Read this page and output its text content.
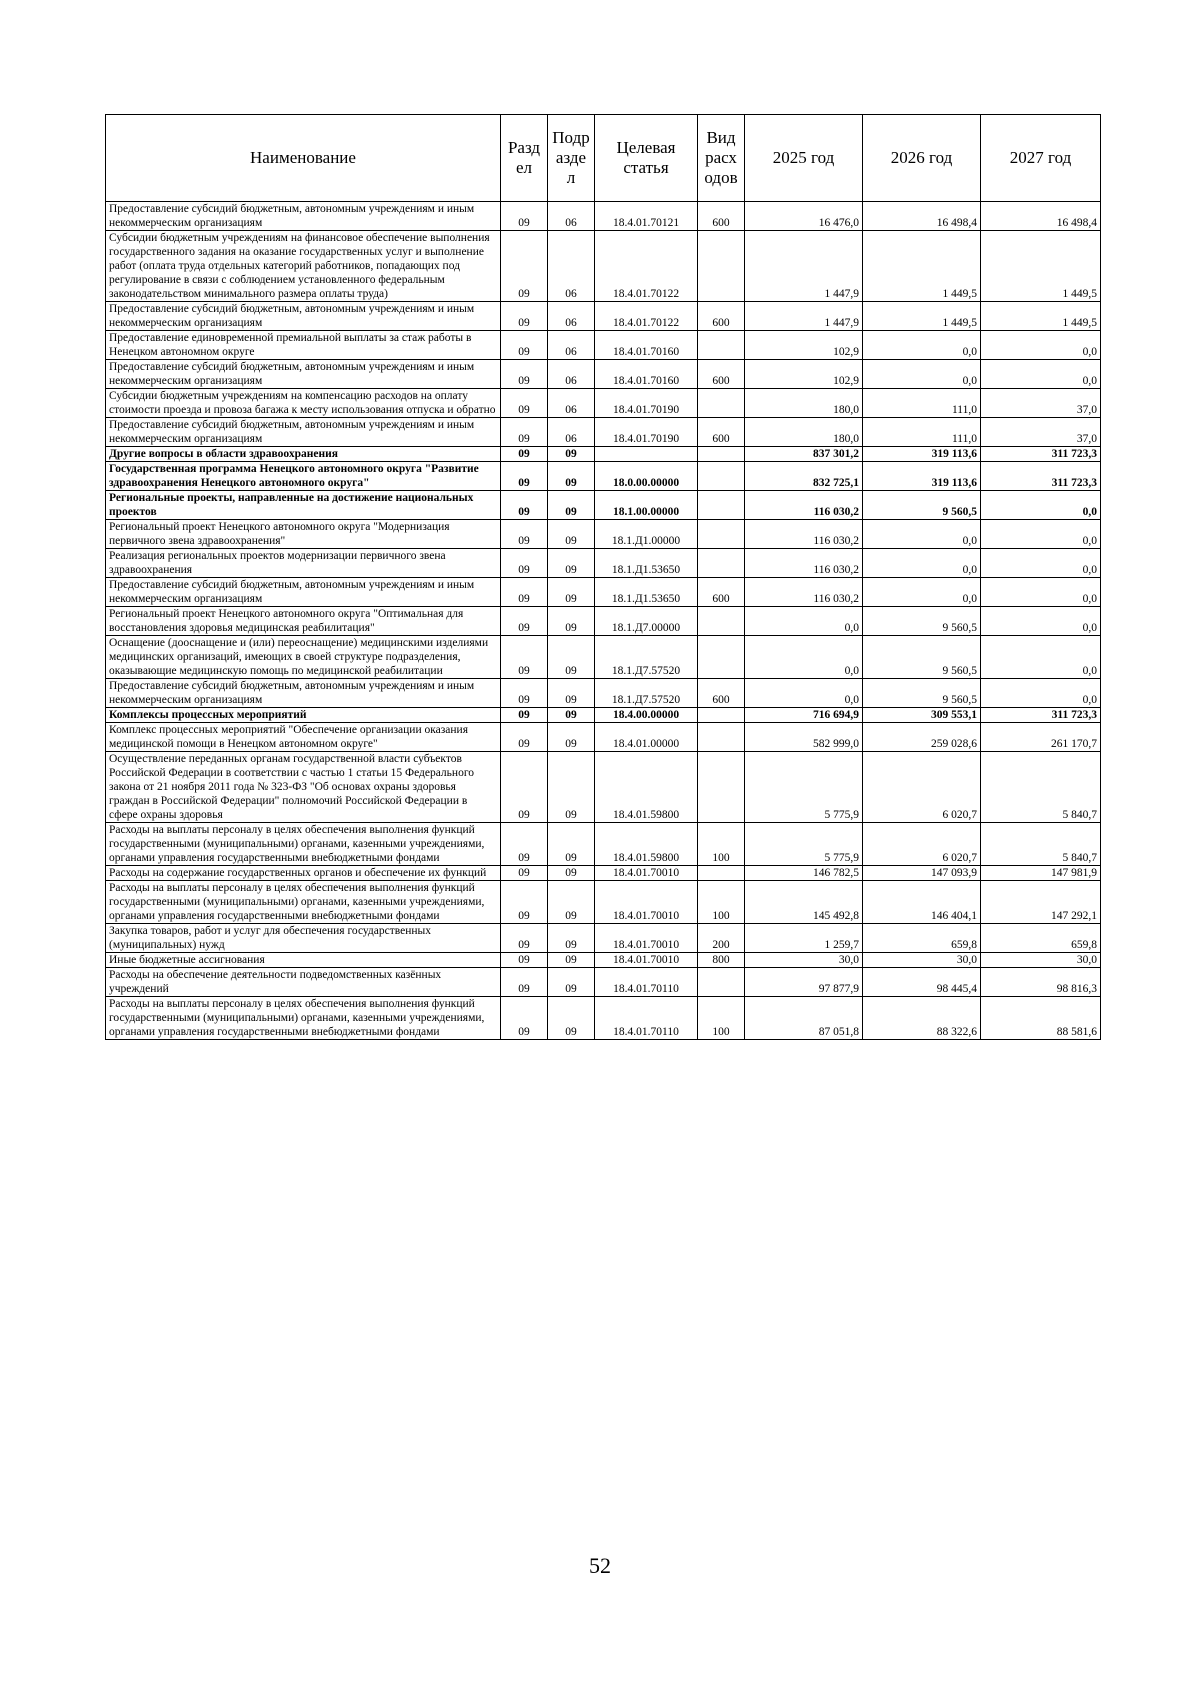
Наименование	Разд ел	Подр азде л	Целевая статья	Вид расх одов	2025 год	2026 год	2027 год
Предоставление субсидий бюджетным, автономным учреждениям и иным некоммерческим организациям	09	06	18.4.01.70121	600	16 476,0	16 498,4	16 498,4
Субсидии бюджетным учреждениям на финансовое обеспечение выполнения государственного задания на оказание государственных услуг и выполнение работ (оплата труда отдельных категорий работников, попадающих под регулирование в связи с соблюдением установленного федеральным законодательством минимального размера оплаты труда)	09	06	18.4.01.70122		1 447,9	1 449,5	1 449,5
Предоставление субсидий бюджетным, автономным учреждениям и иным некоммерческим организациям	09	06	18.4.01.70122	600	1 447,9	1 449,5	1 449,5
Предоставление единовременной премиальной выплаты за стаж работы в Ненецком автономном округе	09	06	18.4.01.70160		102,9	0,0	0,0
Предоставление субсидий бюджетным, автономным учреждениям и иным некоммерческим организациям	09	06	18.4.01.70160	600	102,9	0,0	0,0
Субсидии бюджетным учреждениям на компенсацию расходов на оплату стоимости проезда и провоза багажа к месту использования отпуска и обратно	09	06	18.4.01.70190		180,0	111,0	37,0
Предоставление субсидий бюджетным, автономным учреждениям и иным некоммерческим организациям	09	06	18.4.01.70190	600	180,0	111,0	37,0
Другие вопросы в области здравоохранения	09	09			837 301,2	319 113,6	311 723,3
Государственная программа Ненецкого автономного округа "Развитие здравоохранения Ненецкого автономного округа"	09	09	18.0.00.00000		832 725,1	319 113,6	311 723,3
Региональные проекты, направленные на достижение национальных проектов	09	09	18.1.00.00000		116 030,2	9 560,5	0,0
Региональный проект Ненецкого автономного округа "Модернизация первичного звена здравоохранения"	09	09	18.1.Д1.00000		116 030,2	0,0	0,0
Реализация региональных проектов модернизации первичного звена здравоохранения	09	09	18.1.Д1.53650		116 030,2	0,0	0,0
Предоставление субсидий бюджетным, автономным учреждениям и иным некоммерческим организациям	09	09	18.1.Д1.53650	600	116 030,2	0,0	0,0
Региональный проект Ненецкого автономного округа "Оптимальная для восстановления здоровья медицинская реабилитация"	09	09	18.1.Д7.00000		0,0	9 560,5	0,0
Оснащение (дооснащение и (или) переоснащение) медицинскими изделиями медицинских организаций, имеющих в своей структуре подразделения, оказывающие медицинскую помощь по медицинской реабилитации	09	09	18.1.Д7.57520		0,0	9 560,5	0,0
Предоставление субсидий бюджетным, автономным учреждениям и иным некоммерческим организациям	09	09	18.1.Д7.57520	600	0,0	9 560,5	0,0
Комплексы процессных мероприятий	09	09	18.4.00.00000		716 694,9	309 553,1	311 723,3
Комплекс процессных мероприятий "Обеспечение организации оказания медицинской помощи в Ненецком автономном округе"	09	09	18.4.01.00000		582 999,0	259 028,6	261 170,7
Осуществление переданных органам государственной власти субъектов Российской Федерации в соответствии с частью 1 статьи 15 Федерального закона от 21 ноября 2011 года № 323-ФЗ "Об основах охраны здоровья граждан в Российской Федерации" полномочий Российской Федерации в сфере охраны здоровья	09	09	18.4.01.59800		5 775,9	6 020,7	5 840,7
Расходы на выплаты персоналу в целях обеспечения выполнения функций государственными (муниципальными) органами, казенными учреждениями, органами управления государственными внебюджетными фондами	09	09	18.4.01.59800	100	5 775,9	6 020,7	5 840,7
Расходы на содержание государственных органов и обеспечение их функций	09	09	18.4.01.70010		146 782,5	147 093,9	147 981,9
Расходы на выплаты персоналу в целях обеспечения выполнения функций государственными (муниципальными) органами, казенными учреждениями, органами управления государственными внебюджетными фондами	09	09	18.4.01.70010	100	145 492,8	146 404,1	147 292,1
Закупка товаров, работ и услуг для обеспечения государственных (муниципальных) нужд	09	09	18.4.01.70010	200	1 259,7	659,8	659,8
Иные бюджетные ассигнования	09	09	18.4.01.70010	800	30,0	30,0	30,0
Расходы на обеспечение деятельности подведомственных казённых учреждений	09	09	18.4.01.70110		97 877,9	98 445,4	98 816,3
Расходы на выплаты персоналу в целях обеспечения выполнения функций государственными (муниципальными) органами, казенными учреждениями, органами управления государственными внебюджетными фондами	09	09	18.4.01.70110	100	87 051,8	88 322,6	88 581,6
52
